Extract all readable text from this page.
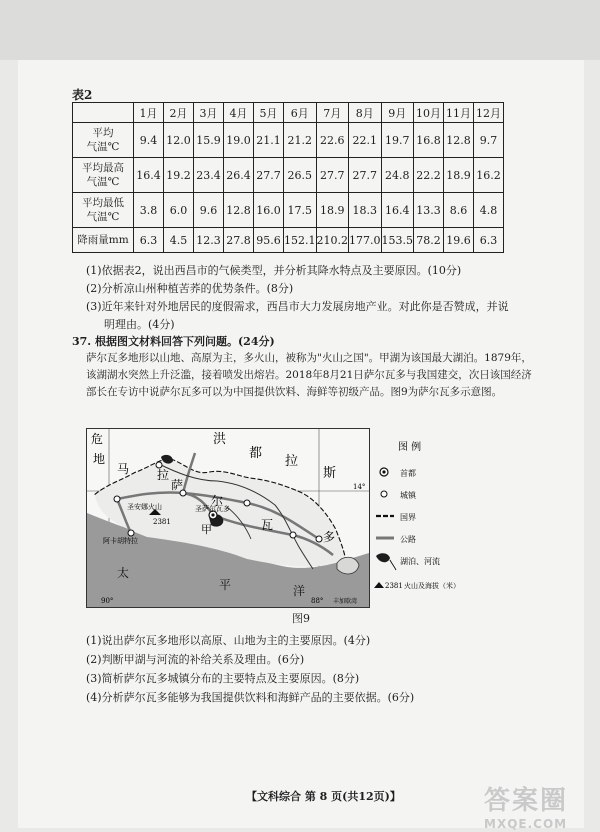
表2
	1月	2月	3月	4月	5月	6月	7月	8月	9月	10月	11月	12月
平均
气温℃	9.4	12.0	15.9	19.0	21.1	21.2	22.6	22.1	19.7	16.8	12.8	9.7
平均最高
气温℃	16.4	19.2	23.4	26.4	27.7	26.5	27.7	27.7	24.8	22.2	18.9	16.2
平均最低
气温℃	3.8	6.0	9.6	12.8	16.0	17.5	18.9	18.3	16.4	13.3	8.6	4.8
降雨量mm	6.3	4.5	12.3	27.8	95.6	152.1	210.2	177.0	153.5	78.2	19.6	6.3
(1)依据表2，说出西昌市的气候类型，并分析其降水特点及主要原因。(10分)
(2)分析凉山州种植苦荞的优势条件。(8分)
(3)近年来针对外地居民的度假需求，西昌市大力发展房地产业。对此你是否赞成，并说
明理由。(4分)
37. 根据图文材料回答下列问题。(24分)
萨尔瓦多地形以山地、高原为主，多火山，被称为"火山之国"。甲湖为该国最大湖泊。1879年，该湖湖水突然上升泛滥，接着喷发出熔岩。2018年8月21日萨尔瓦多与我国建交，次日该国经济部长在专访中说萨尔瓦多可以为中国提供饮料、海鲜等初级产品。图9为萨尔瓦多示意图。
危
地
马 拉
洪
都
拉
斯
萨
尔
瓦
多
甲
圣安娜火山
2381
圣萨尔瓦多
阿卡胡特拉
太
平	洋
90°	88°
14°
丰加歇湾
图 例
首都
城镇
国界
公路
湖泊、河流
2381 火山及海拔（米）
图9
(1)说出萨尔瓦多地形以高原、山地为主的主要原因。(4分)
(2)判断甲湖与河流的补给关系及理由。(6分)
(3)简析萨尔瓦多城镇分布的主要特点及主要原因。(8分)
(4)分析萨尔瓦多能够为我国提供饮料和海鲜产品的主要依据。(6分)
【文科综合 第 8 页(共12页)】	答案圈
MXQE.COM
